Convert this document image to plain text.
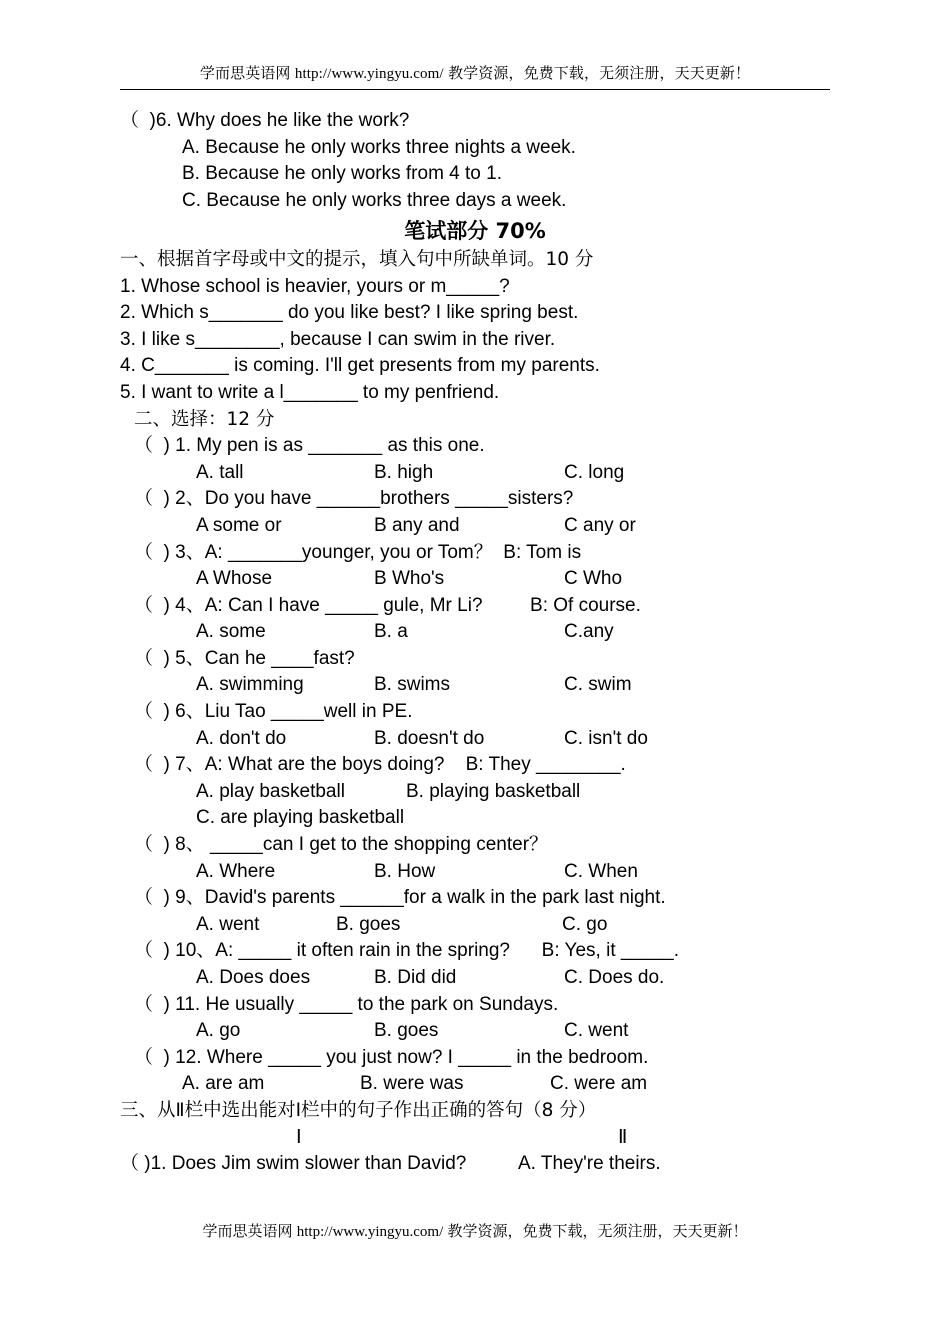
学而思英语网 http://www.yingyu.com/ 教学资源，免费下载，无须注册，天天更新！
（  )6. Why does he like the work?
A. Because he only works three nights a week.
B. Because he only works from 4 to 1.
C. Because he only works three days a week.
笔试部分 70%
一、根据首字母或中文的提示，填入句中所缺单词。10 分
1. Whose school is heavier, yours or m_____?
2. Which s_______ do you like best? I like spring best.
3. I like s________, because I can swim in the river.
4. C_______ is coming. I'll get presents from my parents.
5. I want to write a l_______ to my penfriend.
二、选择：12 分
（  ) 1. My pen is as _______ as this one.
A. tall	B. high	C. long
（  ) 2、Do you have ______brothers _____sisters?
A some or	B any and	C any or
（  ) 3、A: _______younger, you or Tom？  B: Tom is
A Whose	B Who's	C Who
（  ) 4、A: Can I have _____ gule, Mr Li?         B: Of course.
A. some	B. a	C.any
（  ) 5、Can he ____fast?
A. swimming	B. swims	C. swim
（  ) 6、Liu Tao _____well in PE.
A. don't do	B. doesn't do	C. isn't do
（  ) 7、A: What are the boys doing?    B: They ________.
A. play basketball	B. playing basketball
C. are playing basketball
（  ) 8、 _____can I get to the shopping center？
A. Where	B. How	C. When
（  ) 9、David's parents ______for a walk in the park last night.
A. went	B. goes	C. go
（  ) 10、A: _____ it often rain in the spring?      B: Yes, it _____.
A. Does does	B. Did did	C. Does do.
（  ) 11. He usually _____ to the park on Sundays.
A. go	B. goes	C. went
（  ) 12. Where _____ you just now? I _____ in the bedroom.
A. are am	B. were was	C. were am
三、从Ⅱ栏中选出能对Ⅰ栏中的句子作出正确的答句（8 分）
Ⅰ	Ⅱ
（ )1. Does Jim swim slower than David?	A. They're theirs.
学而思英语网 http://www.yingyu.com/ 教学资源，免费下载，无须注册，天天更新！
